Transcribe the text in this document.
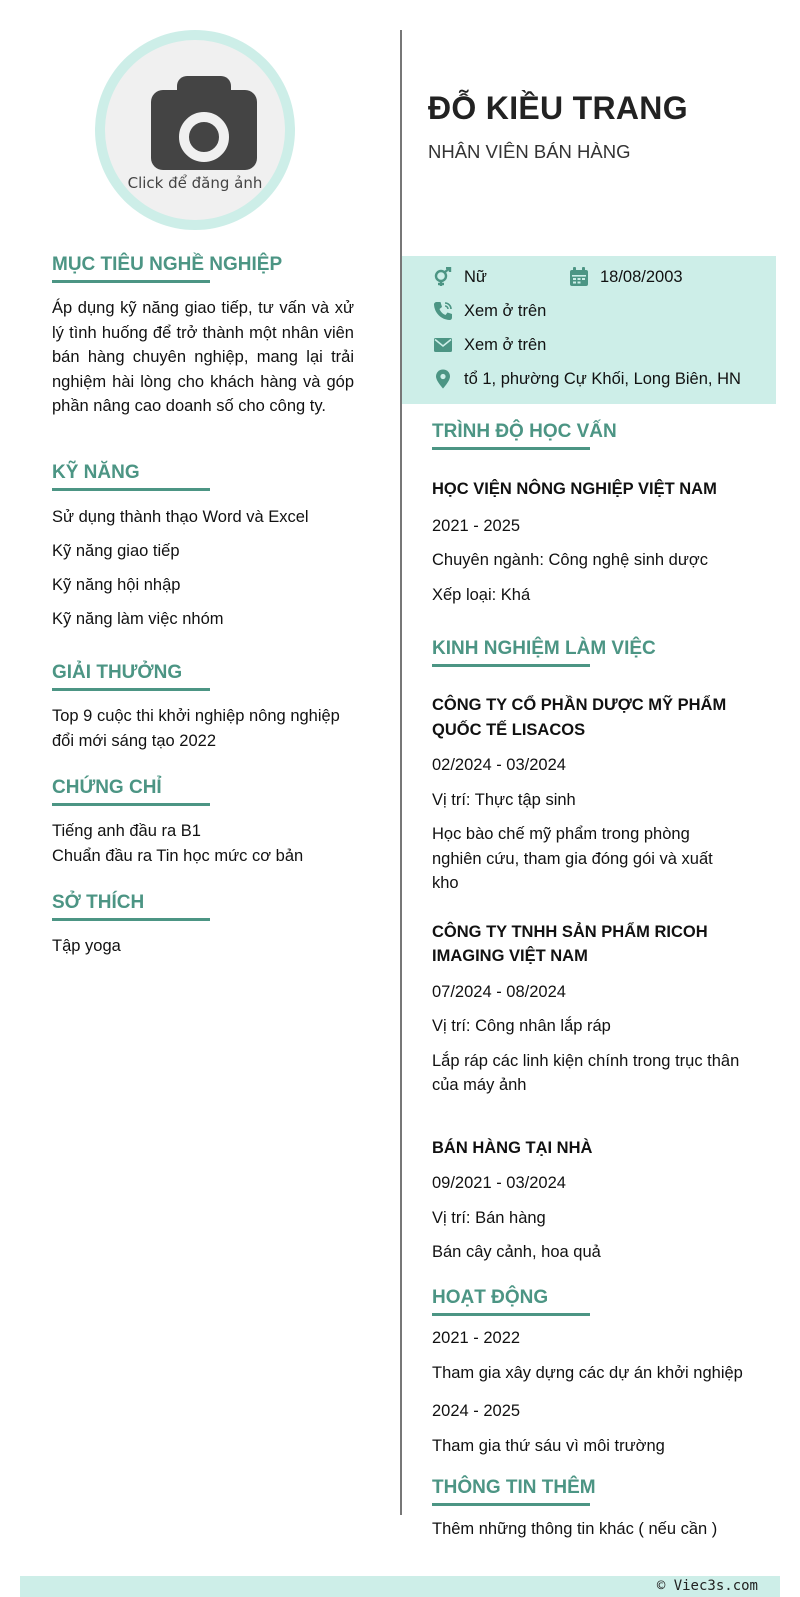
Click để đăng ảnh
MỤC TIÊU NGHỀ NGHIỆP
Áp dụng kỹ năng giao tiếp, tư vấn và xử lý tình huống để trở thành một nhân viên bán hàng chuyên nghiệp, mang lại trải nghiệm hài lòng cho khách hàng và góp phần nâng cao doanh số cho công ty.
KỸ NĂNG
Sử dụng thành thạo Word và Excel
Kỹ năng giao tiếp
Kỹ năng hội nhập
Kỹ năng làm việc nhóm
GIẢI THƯỞNG
Top 9 cuộc thi khởi nghiệp nông nghiệp đổi mới sáng tạo 2022
CHỨNG CHỈ
Tiếng anh đầu ra B1
Chuẩn đầu ra Tin học mức cơ bản
SỞ THÍCH
Tập yoga
ĐỖ KIỀU TRANG
NHÂN VIÊN BÁN HÀNG
Nữ	18/08/2003
Xem ở trên
Xem ở trên
tổ 1, phường Cự Khối, Long Biên, HN
TRÌNH ĐỘ HỌC VẤN
HỌC VIỆN NÔNG NGHIỆP VIỆT NAM
2021 - 2025
Chuyên ngành: Công nghệ sinh dược
Xếp loại: Khá
KINH NGHIỆM LÀM VIỆC
CÔNG TY CỔ PHẦN DƯỢC MỸ PHẨM QUỐC TẾ LISACOS
02/2024 - 03/2024
Vị trí: Thực tập sinh
Học bào chế mỹ phẩm trong phòng nghiên cứu, tham gia đóng gói và xuất kho
CÔNG TY TNHH SẢN PHẨM RICOH IMAGING VIỆT NAM
07/2024 - 08/2024
Vị trí: Công nhân lắp ráp
Lắp ráp các linh kiện chính trong trục thân của máy ảnh
BÁN HÀNG TẠI NHÀ
09/2021 - 03/2024
Vị trí: Bán hàng
Bán cây cảnh, hoa quả
HOẠT ĐỘNG
2021 - 2022
Tham gia xây dựng các dự án khởi nghiệp
2024 - 2025
Tham gia thứ sáu vì môi trường
THÔNG TIN THÊM
Thêm những thông tin khác ( nếu cần )
© Viec3s.com
